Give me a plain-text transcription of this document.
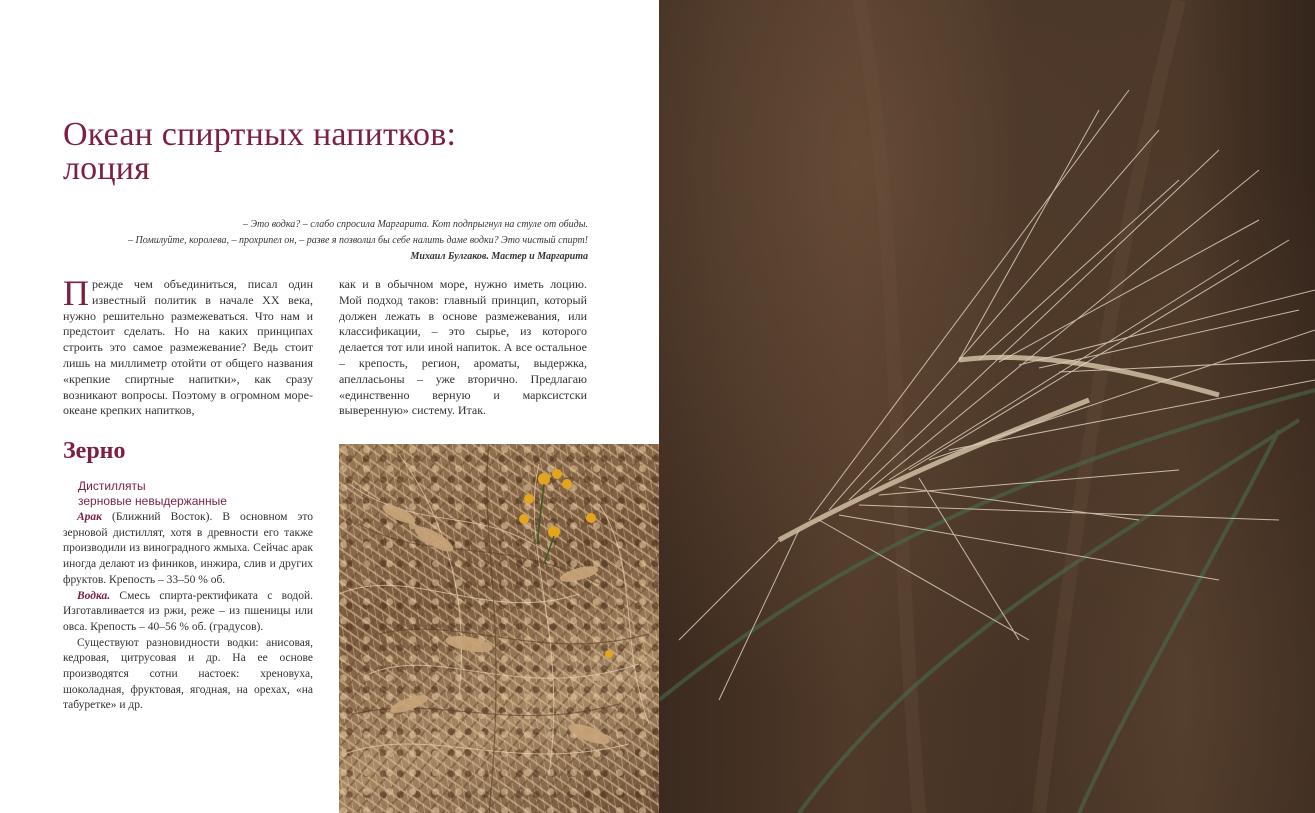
Океан спиртных напитков:
лоция
– Это водка? – слабо спросила Маргарита. Кот подпрыгнул на стуле от обиды.
– Помилуйте, королева, – прохрипел он, – разве я позволил бы себе налить даме водки? Это чистый спирт!
Михаил Булгаков. Мастер и Маргарита
Прежде чем объединиться, писал один известный политик в начале XX века, нужно решительно размежеваться. Что нам и предстоит сделать. Но на каких принципах строить это самое размежевание? Ведь стоит лишь на миллиметр отойти от общего названия «крепкие спиртные напитки», как сразу возникают вопросы. Поэтому в огромном море-океане крепких напитков,
как и в обычном море, нужно иметь лоцию. Мой подход таков: главный принцип, который должен лежать в основе размежевания, или классификации, – это сырье, из которого делается тот или иной напиток. А все остальное – крепость, регион, ароматы, выдержка, апелласьоны – уже вторично. Предлагаю «единственно верную и марксистски выверенную» систему. Итак.
Зерно
Дистилляты
зерновые невыдержанные

Арак (Ближний Восток). В основном это зерновой дистиллят, хотя в древности его также производили из виноградного жмыха. Сейчас арак иногда делают из фиников, инжира, слив и других фруктов. Крепость – 33–50 % об.

Водка. Смесь спирта-ректификата с водой. Изготавливается из ржи, реже – из пшеницы или овса. Крепость – 40–56 % об. (градусов).

Существуют разновидности водки: анисовая, кедровая, цитрусовая и др. На ее основе производятся сотни настоек: хреновуха, шоколадная, фруктовая, ягодная, на орехах, «на табуретке» и др.
